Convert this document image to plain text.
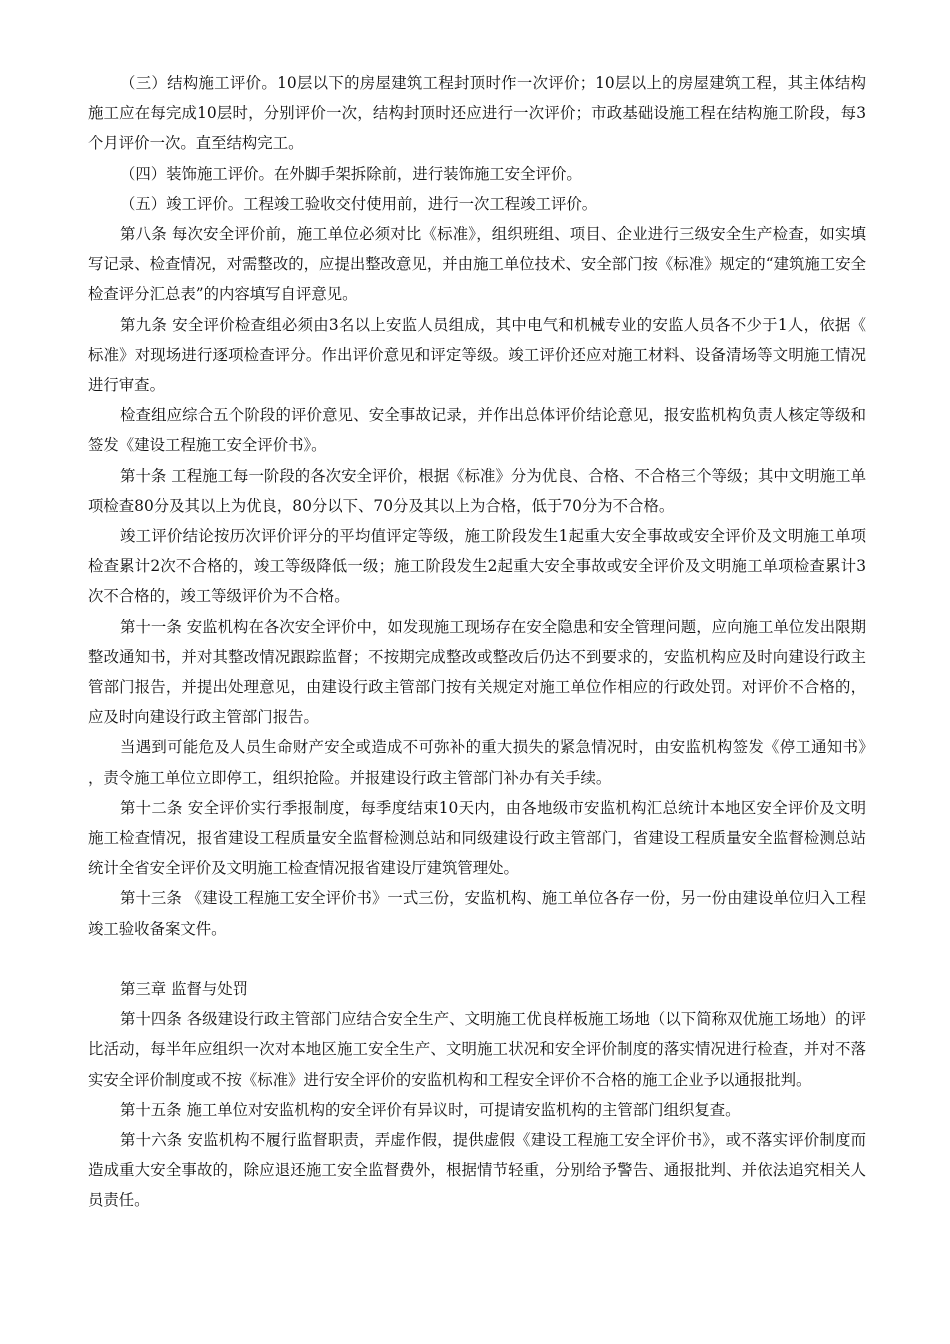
（三）结构施工评价。10层以下的房屋建筑工程封顶时作一次评价；10层以上的房屋建筑工程，其主体结构施工应在每完成10层时，分别评价一次，结构封顶时还应进行一次评价；市政基础设施工程在结构施工阶段，每3个月评价一次。直至结构完工。

（四）装饰施工评价。在外脚手架拆除前，进行装饰施工安全评价。

（五）竣工评价。工程竣工验收交付使用前，进行一次工程竣工评价。

第八条 每次安全评价前，施工单位必须对比《标准》，组织班组、项目、企业进行三级安全生产检查，如实填写记录、检查情况，对需整改的，应提出整改意见，并由施工单位技术、安全部门按《标准》规定的“建筑施工安全检查评分汇总表”的内容填写自评意见。

第九条 安全评价检查组必须由3名以上安监人员组成，其中电气和机械专业的安监人员各不少于1人，依据《标准》对现场进行逐项检查评分。作出评价意见和评定等级。竣工评价还应对施工材料、设备清场等文明施工情况进行审查。

检查组应综合五个阶段的评价意见、安全事故记录，并作出总体评价结论意见，报安监机构负责人核定等级和签发《建设工程施工安全评价书》。

第十条 工程施工每一阶段的各次安全评价，根据《标准》分为优良、合格、不合格三个等级；其中文明施工单项检查80分及其以上为优良，80分以下、70分及其以上为合格，低于70分为不合格。

竣工评价结论按历次评价评分的平均值评定等级，施工阶段发生1起重大安全事故或安全评价及文明施工单项检查累计2次不合格的，竣工等级降低一级；施工阶段发生2起重大安全事故或安全评价及文明施工单项检查累计3次不合格的，竣工等级评价为不合格。

第十一条 安监机构在各次安全评价中，如发现施工现场存在安全隐患和安全管理问题，应向施工单位发出限期整改通知书，并对其整改情况跟踪监督；不按期完成整改或整改后仍达不到要求的，安监机构应及时向建设行政主管部门报告，并提出处理意见，由建设行政主管部门按有关规定对施工单位作相应的行政处罚。对评价不合格的，应及时向建设行政主管部门报告。

当遇到可能危及人员生命财产安全或造成不可弥补的重大损失的紧急情况时，由安监机构签发《停工通知书》，责令施工单位立即停工，组织抢险。并报建设行政主管部门补办有关手续。

第十二条 安全评价实行季报制度，每季度结束10天内，由各地级市安监机构汇总统计本地区安全评价及文明施工检查情况，报省建设工程质量安全监督检测总站和同级建设行政主管部门，省建设工程质量安全监督检测总站统计全省安全评价及文明施工检查情况报省建设厅建筑管理处。

第十三条 《建设工程施工安全评价书》一式三份，安监机构、施工单位各存一份，另一份由建设单位归入工程竣工验收备案文件。

第三章 监督与处罚

第十四条 各级建设行政主管部门应结合安全生产、文明施工优良样板施工场地（以下简称双优施工场地）的评比活动，每半年应组织一次对本地区施工安全生产、文明施工状况和安全评价制度的落实情况进行检查，并对不落实安全评价制度或不按《标准》进行安全评价的安监机构和工程安全评价不合格的施工企业予以通报批判。

第十五条 施工单位对安监机构的安全评价有异议时，可提请安监机构的主管部门组织复查。

第十六条 安监机构不履行监督职责，弄虚作假，提供虚假《建设工程施工安全评价书》，或不落实评价制度而造成重大安全事故的，除应退还施工安全监督费外，根据情节轻重，分别给予警告、通报批判、并依法追究相关人员责任。
